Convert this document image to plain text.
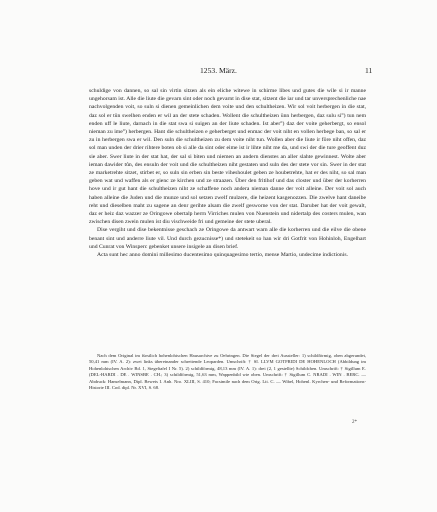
1253. März.	11

schuldige von dannen, so sal sin virtin sitzen als ein eliche witewe in schirme libes und gutes die wile si ir manne ungehorsam ist. Alle die liute die gevarn sint oder noch gevarnt in dise stat, sitzent die iar und tar unversprechenliche nae nachvolgenden voit, so suln si dienen gemeinlichen dem voite und den schultheizen. Wir sol voit herbergen in die stat, daz sol er tün swelhen enden er wil an der stete schaden. Wollent die schultheizen ünn herbergen, daz sulu si°) tun nem enden uff le liute, darnach in die stat swa si suigen an der liute schaden. Ist aber°) daz der voite geherbergt, so ensol nieman zu ime°) herbergen. Hant die schultheizen e geherberget und enmac der voit niht en vollen herbege ban, so sal er zu in herbergen swa er wil. Den suln die schultheizen zu dem voite niht tun. Wollen aber die liute ir före niht offen, daz sol man unden der drier rihtere boten ob si alle da sint oder eime ist ir lihte niht me da, und swi der die ture geoffent duz sie aber. Swer liute in der stat hat, der sal si biten und niemen an andern dienstes an aller slahte gewinnest. Wolte aber ieman dawider tůn, des ensuln der voit und die schultheizen niht gestaten und suln des der stete vor sin. Swer in der stat ze marketrehte sitzet, stirbet er, so suln sin erben sin beste viheshoulet geben ze houbetrehte, hat er des niht, so sal man geben wat und waffen als er gienc ze kirchen und ze straazen. Über den fritihof und das closter und über der korherren hove und ir gut hant die schultheizen niht ze schaffene noch andera nieman danne der voit alleine. Der voit sol auch haben alleine die Juden und die munze und sol setzen zwelf mulzere, die heizent kasgenozzen. Die zwelve hant daneibe reht und dieselben maht zu sagene an denr gerihte alsam die zwelf gesworne von der stat. Daruber hat der voit gewalt, daz er heiz daz wazzer ze Oringowe obertalp herrn Virriches mulen von Nuenstein und nidertalp des costers mulen, wan zwischen disen zwein mulen ist diu vischweide fri und gemeine der stete uberal.

Dise vergiht und dise bekentnisse geschach ze Oringowe da antwart warn alle die korherren und die eilve die obene benant sint und anderre liute vil. Und durch gezucnisse*) und stetekeit so han wir dri Gotfrit von Hohinloh, Engelhart und Cunrat von Winsperc gebenket unsere insigele an disen brief.

Acta sunt hec anno domini millesimo ducentesimo quinquagesimo tertio, mense Martio, undecime indictionis.

Nach dem Original im fürstlich hohenlohischen Hausarchive zu Oehringen. Die Siegel der drei Aussteller: 1) schildförmig, oben abgerundet, 50,41 mm (IV. A. 2): zwei links übereinander schreitende Leoparden. Umschrift: † SI. LLVM GOTFRIDI DE HOHENLOCH (Abbildung im Hohenlohischen Archiv Bd. 1, Siegeltafel I Nr. 5). 2) schildförmig, 48,13 mm (IV. A. 1): drei (2, 1 gestellte) Schildchen. Umschrift: † Sigillum E. (DEL-HARDI . DE . WINSBE . CH.; 3) schildförmig, 51,63 mm, Wappenbild wie oben. Umschrift: † Sigillum C. NRADI . WIN . BERC. — Abdruck: Hanselmann, Dipl. Beweis I. Anh. Nro. XLIII, S. 410; Facsimile nach dem Orig. Lit. C. — Wibel, Hohenl. Kyrchen- und Reformations-Historie III. Cod. dipl. Nr. XVI, S. 68.

2*
